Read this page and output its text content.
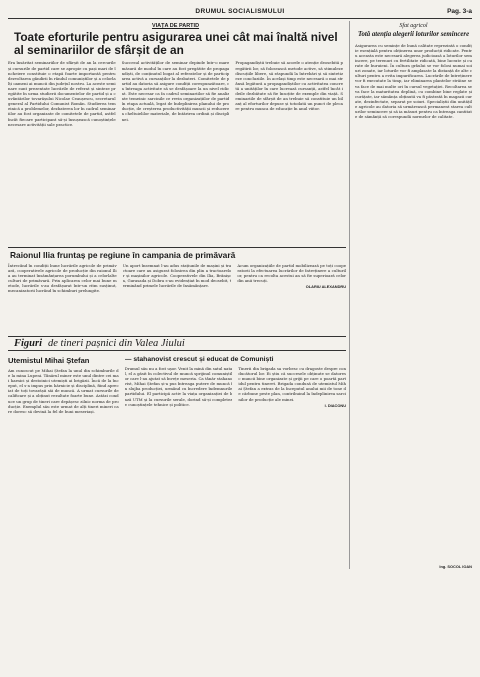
DRUMUL SOCIALISMULUI	Pag. 3-a
VIAȚA DE PARTID
Toate eforturile pentru asigurarea unei cât mai înaltă nivel al seminariilor de sfârșit de an

Era însăritat seminariilor de sfârșit de an la cercurile și cursurile de partid care se apropie cu pași mari de încheiere constituie o etapă foarte importantă pentru dezvoltarea gândirii în rândul comuniștilor și a celorlalți oameni ai muncii din județul nostru. La aceste seminare sunt prezentate lucrările de referat și sinteze pregătite în urma studierii documentelor de partid și a cuvântărilor tovarășului Nicolae Ceaușescu, secretarul general al Partidului Comunist Român. Studierea temeinică a problemelor, dezbaterea lor în cadrul seminariilor au fost organizate de comitetele de partid, astfel încât fiecare participant să-și însușească cunoștințele necesare activității sale practice.

Succesul activităților de seminar depinde într-o mare măsură de modul în care au fost pregătite de propagandiști, de conținutul bogat al referatelor și de participarea activă a cursanților la dezbateri. Comitetele de partid au datoria să asigure condiții corespunzătoare, ca întreaga activitate să se desfășoare la un nivel ridicat. Este necesar ca în cadrul seminariilor să fie analizate temeinic sarcinile ce revin organizațiilor de partid în etapa actuală, legat de îndeplinirea planului de producție, de creșterea productivității muncii și reducerea cheltuielilor materiale, de întărirea ordinii și disciplinei.

Propagandiștii trebuie să acorde o atenție deosebită pregătirii lor, să folosească metode active, să stimuleze discuțiile libere, să răspundă la întrebări și să sintetizeze concluziile. În același timp este necesară o mai strânsă legătură a propagandiștilor cu activitatea concretă a unităților în care lucrează cursanții, astfel încât ideile dezbătute să fie însoțite de exemple din viață. Seminariile de sfârșit de an trebuie să constituie un bilanț al eforturilor depuse și totodată un punct de plecare pentru munca de educație în anul viitor.

Sfat agricol
Totă atenția alegerii loturilor semincere

Asigurarea cu semințe de bună calitate reprezintă o condiție esențială pentru obținerea unor producții ridicate. Pentru aceasta este necesară alegerea judicioasă a loturilor semincere, pe terenuri cu fertilitate ridicată, bine lucrate și curate de buruieni. În cultura grâului se vor folosi numai soiuri zonate, iar loturile vor fi amplasate la distanță de alte culturi pentru a evita impurificarea. Lucrările de întreținere vor fi executate la timp, iar eliminarea plantelor străine se va face de mai multe ori în cursul vegetației. Recoltarea se va face la maturitatea deplină, cu combine bine reglate și curățate, iar sămânța obținută va fi păstrată în magazii curate, dezinfectate, separat pe soiuri. Specialiștii din unitățile agricole au datoria să urmărească permanent starea culturilor semincere și să ia măsuri pentru ca întreaga cantitate de sămânță să corespundă normelor de calitate.

Ing. SOCOL IOAN
Raionul Ilia fruntaș pe regiune în campania de primăvară

Întrecând în condiții bune lucrările agricole de primăvară, cooperativele agricole de producție din raionul Ilia au terminat însămânțarea porumbului și a celorlalte culturi de primăvară. Prin aplicarea celor mai bune metode, lucrările s-au desfășurat într-un ritm susținut, mecanizatorii lucrând în schimburi prelungite.

Un aport însemnat l-au adus stațiunile de mașini și tractoare care au asigurat folosirea din plin a tractoarelor și mașinilor agricole. Cooperativele din Ilia, Brănișca, Gurasada și Dobra s-au evidențiat în mod deosebit, terminând primele lucrările de însămânțare.

Acum organizațiile de partid mobilizează pe toți cooperatorii la efectuarea lucrărilor de întreținere a culturilor, pentru ca recolta acestui an să fie superioară celor din anii trecuți.

OLARIU ALEXANDRU
Figuri de tineri pașnici din Valea Jiului
Utemistul Mihai Ștefan

Am cunoscut pe Mihai Ștefan la unul din schimburile de la mina Lupeni. Tânărul miner este unul dintre cei mai harnici și destoinici utemiști ai brigăzii. Încă de la început, el s-a impus prin hărnicie și disciplină, fiind apreciat de toți tovarășii săi de muncă. A urmat cursurile de calificare și a obținut rezultate foarte bune. Astăzi conduce un grup de tineri care depășesc zilnic norma de producție. Exemplul său este urmat de alți tineri mineri care doresc să devină la fel de buni meseriași.

— stahanovist crescut și educat de Comuniști

Drumul său nu a fost ușor. Venit la mină din satul natal, el a găsit în colectivul de muncă sprijinul comuniștilor care l-au ajutat să învețe meseria. Ca tânăr stahanovist, Mihai Ștefan și-a pus întreaga putere de muncă în slujba producției, urmând cu încredere îndemnurile partidului. El participă activ la viața organizației de bază UTM și la cursurile serale, dorind să-și completeze cunoștințele tehnice și politice.

Tinerii din brigada sa vorbesc cu dragoste despre conducătorul lor. Ei știu că succesele obținute se datoresc muncii bine organizate și grijii pe care o poartă partidul pentru tineret. Brigada condusă de utemistul Mihai Ștefan a extras de la începutul anului mii de tone de cărbune peste plan, contribuind la îndeplinirea sarcinilor de producție ale minei.

I. DIACONU
